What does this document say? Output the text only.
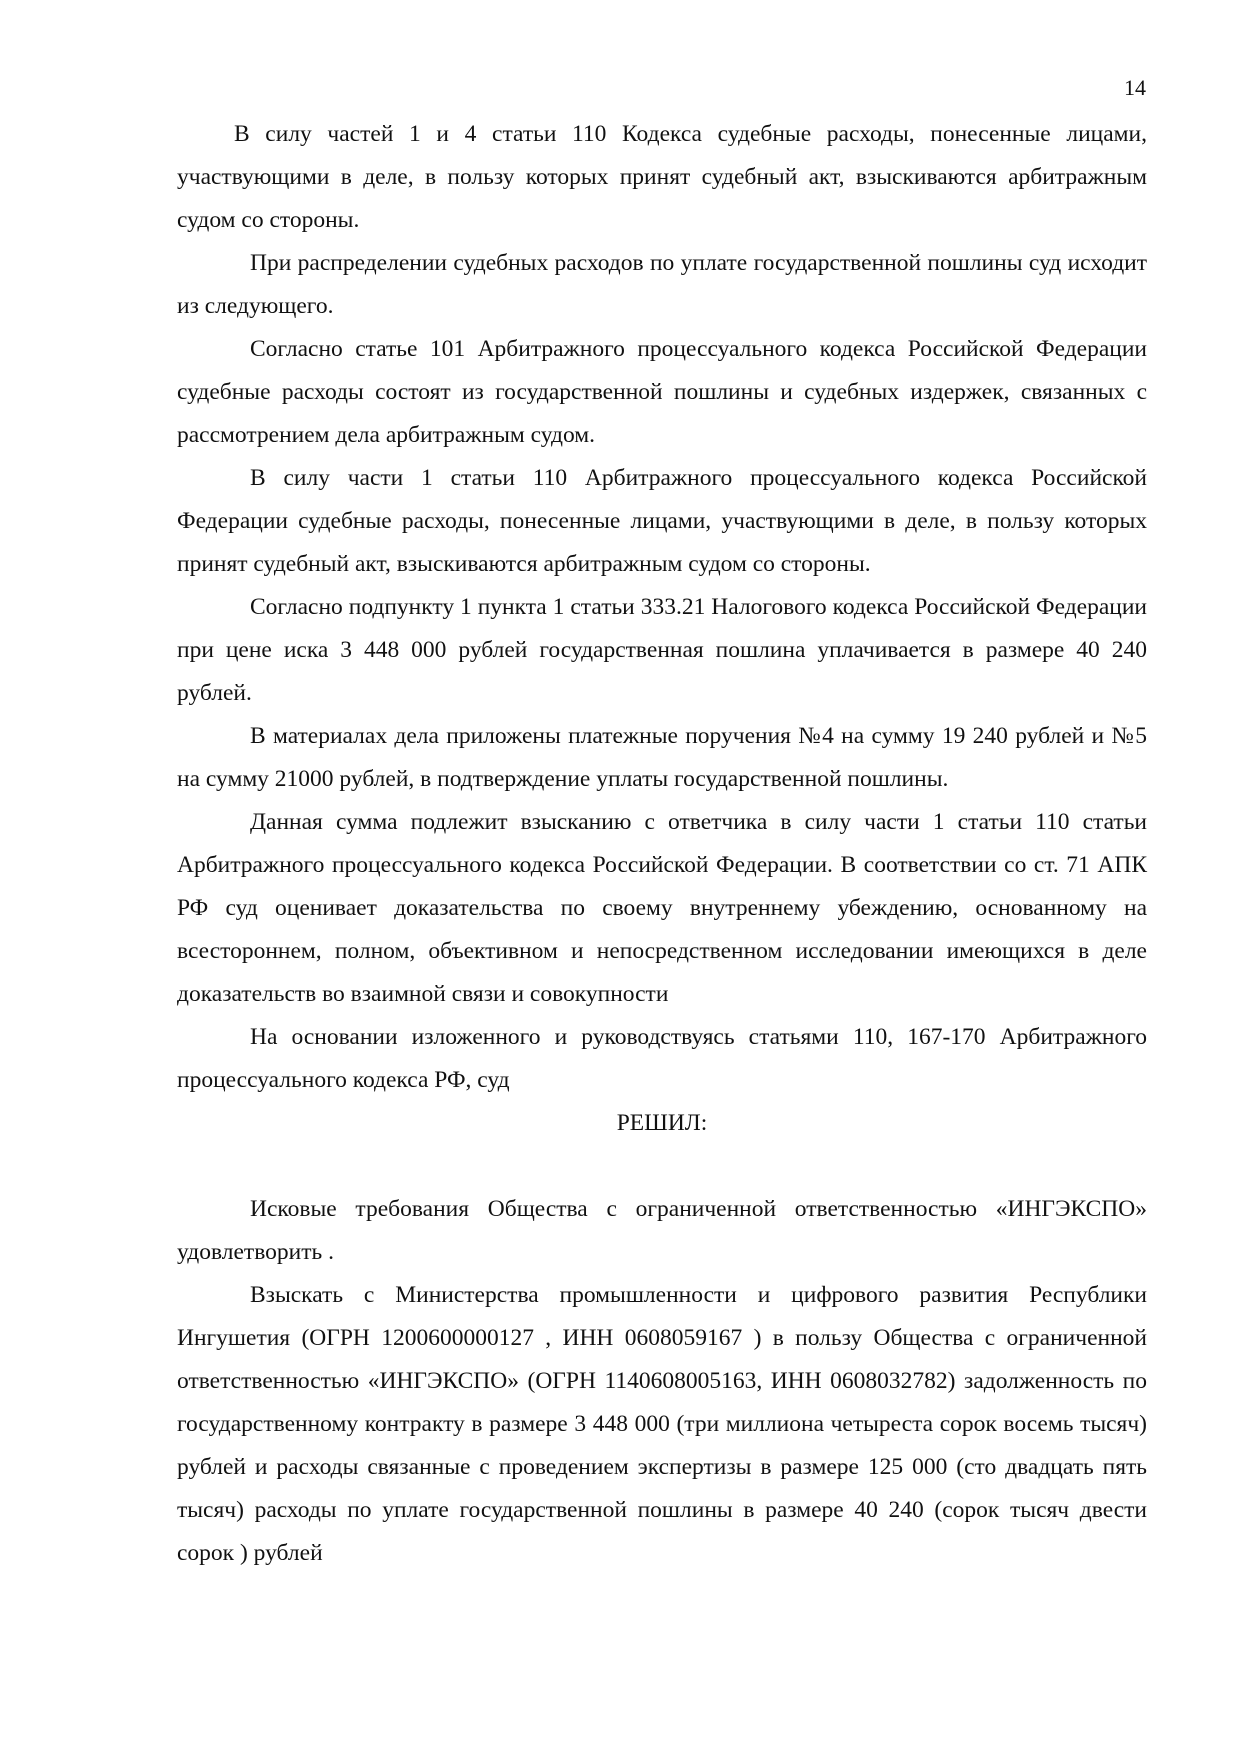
14

В силу частей 1 и 4 статьи 110 Кодекса судебные расходы, понесенные лицами, участвующими в деле, в пользу которых принят судебный акт, взыскиваются арбитражным судом со стороны.

При распределении судебных расходов по уплате государственной пошлины суд исходит из следующего.

Согласно статье 101 Арбитражного процессуального кодекса Российской Федерации судебные расходы состоят из государственной пошлины и судебных издержек, связанных с рассмотрением дела арбитражным судом.

В силу части 1 статьи 110 Арбитражного процессуального кодекса Российской Федерации судебные расходы, понесенные лицами, участвующими в деле, в пользу которых принят судебный акт, взыскиваются арбитражным судом со стороны.

Согласно подпункту 1 пункта 1 статьи 333.21 Налогового кодекса Российской Федерации при цене иска 3 448 000 рублей государственная пошлина уплачивается в размере 40 240 рублей.

В материалах дела приложены платежные поручения №4 на сумму 19 240 рублей и №5 на сумму 21000 рублей, в подтверждение уплаты государственной пошлины.

Данная сумма подлежит взысканию с ответчика в силу части 1 статьи 110 статьи Арбитражного процессуального кодекса Российской Федерации. В соответствии со ст. 71 АПК РФ суд оценивает доказательства по своему внутреннему убеждению, основанному на всестороннем, полном, объективном и непосредственном исследовании имеющихся в деле доказательств во взаимной связи и совокупности

На основании изложенного и руководствуясь статьями 110, 167-170 Арбитражного процессуального кодекса РФ, суд

РЕШИЛ:

Исковые требования Общества с ограниченной ответственностью «ИНГЭКСПО» удовлетворить .

Взыскать с Министерства промышленности и цифрового развития Республики Ингушетия (ОГРН 1200600000127 , ИНН 0608059167 ) в пользу Общества с ограниченной ответственностью «ИНГЭКСПО» (ОГРН 1140608005163, ИНН 0608032782) задолженность по государственному контракту в размере 3 448 000 (три миллиона четыреста сорок восемь тысяч) рублей и расходы связанные с проведением экспертизы в размере 125 000 (сто двадцать пять тысяч) расходы по уплате государственной пошлины в размере 40 240 (сорок тысяч двести сорок ) рублей
